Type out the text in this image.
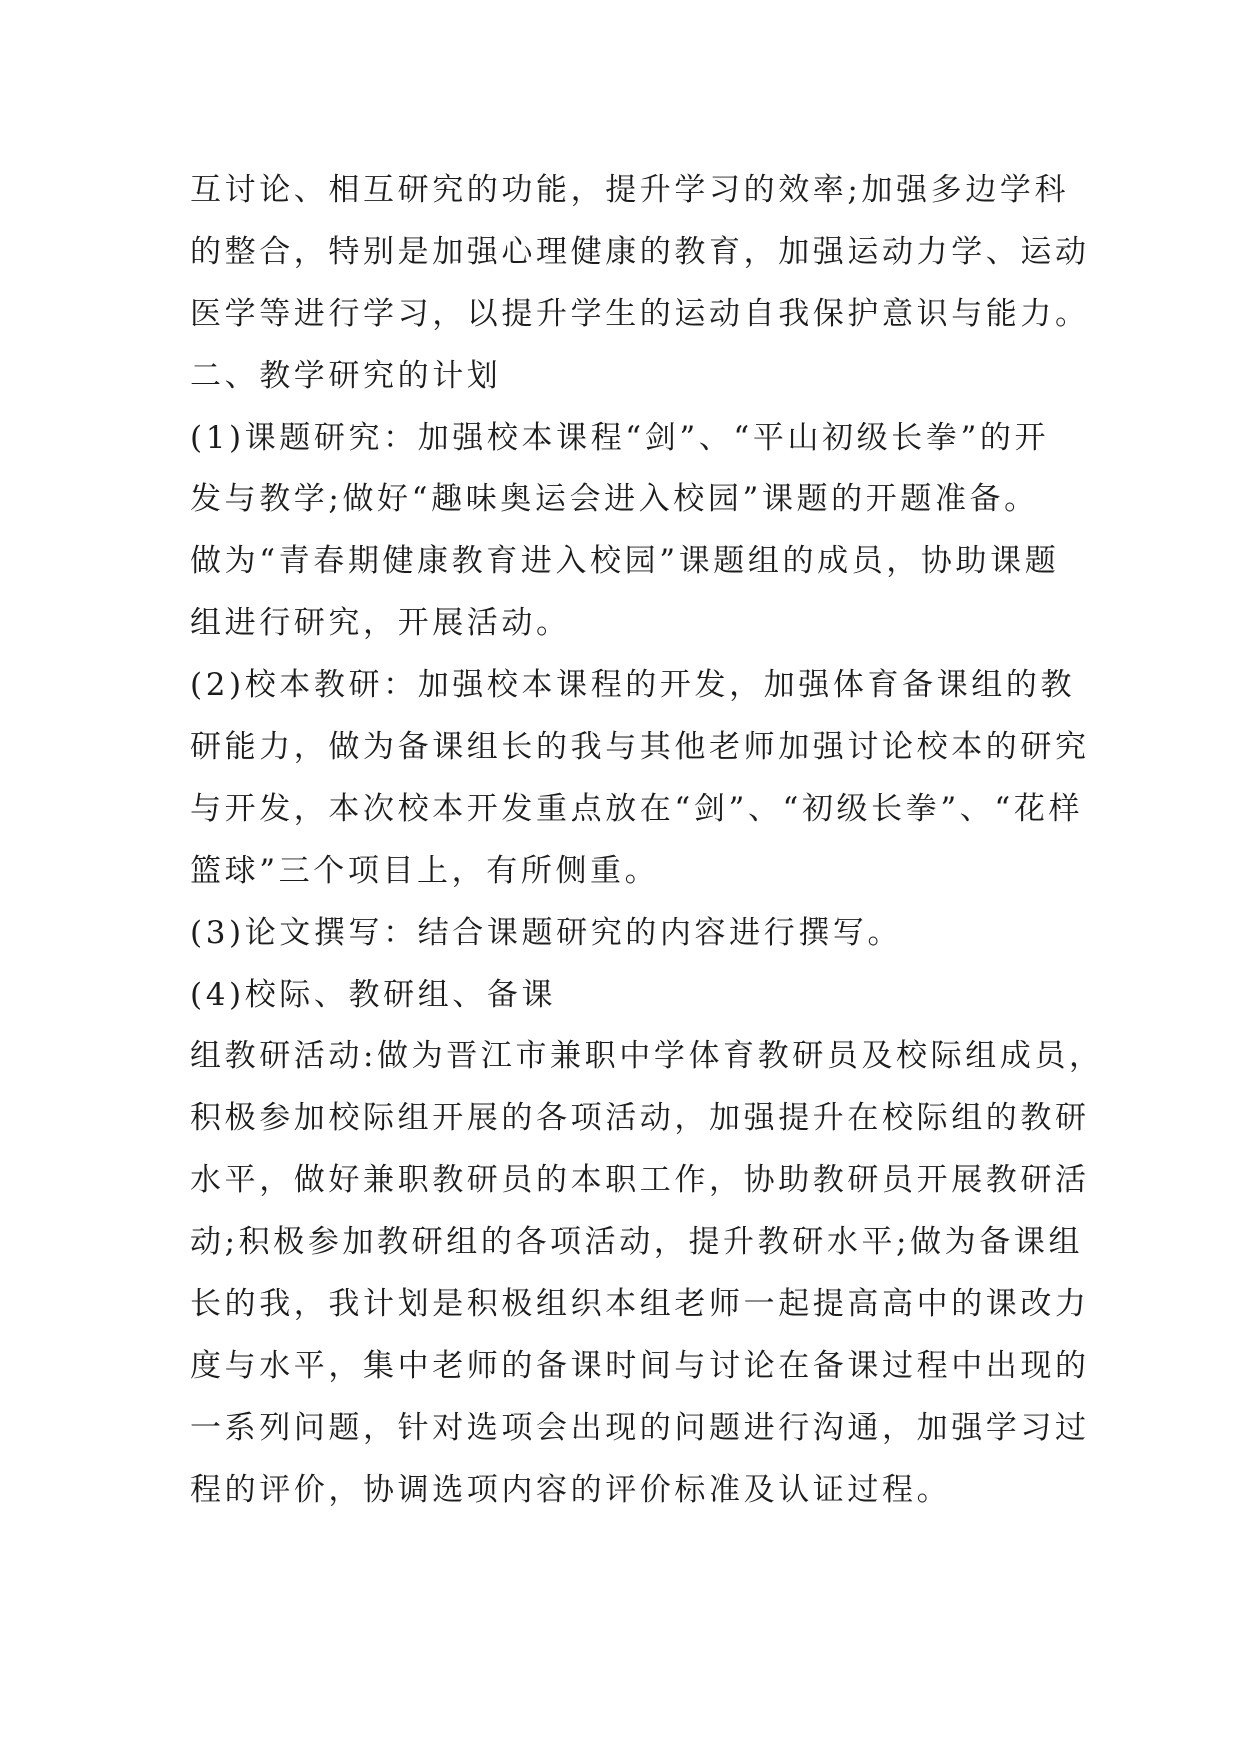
互讨论、相互研究的功能，提升学习的效率;加强多边学科
的整合，特别是加强心理健康的教育，加强运动力学、运动
医学等进行学习，以提升学生的运动自我保护意识与能力。
二、教学研究的计划
(1)课题研究：加强校本课程“剑”、“平山初级长拳”的开
发与教学;做好“趣味奥运会进入校园”课题的开题准备。
做为“青春期健康教育进入校园”课题组的成员，协助课题
组进行研究，开展活动。
(2)校本教研：加强校本课程的开发，加强体育备课组的教
研能力，做为备课组长的我与其他老师加强讨论校本的研究
与开发，本次校本开发重点放在“剑”、“初级长拳”、“花样
篮球”三个项目上，有所侧重。
(3)论文撰写：结合课题研究的内容进行撰写。
(4)校际、教研组、备课
组教研活动:做为晋江市兼职中学体育教研员及校际组成员，
积极参加校际组开展的各项活动，加强提升在校际组的教研
水平，做好兼职教研员的本职工作，协助教研员开展教研活
动;积极参加教研组的各项活动，提升教研水平;做为备课组
长的我，我计划是积极组织本组老师一起提高高中的课改力
度与水平，集中老师的备课时间与讨论在备课过程中出现的
一系列问题，针对选项会出现的问题进行沟通，加强学习过
程的评价，协调选项内容的评价标准及认证过程。
